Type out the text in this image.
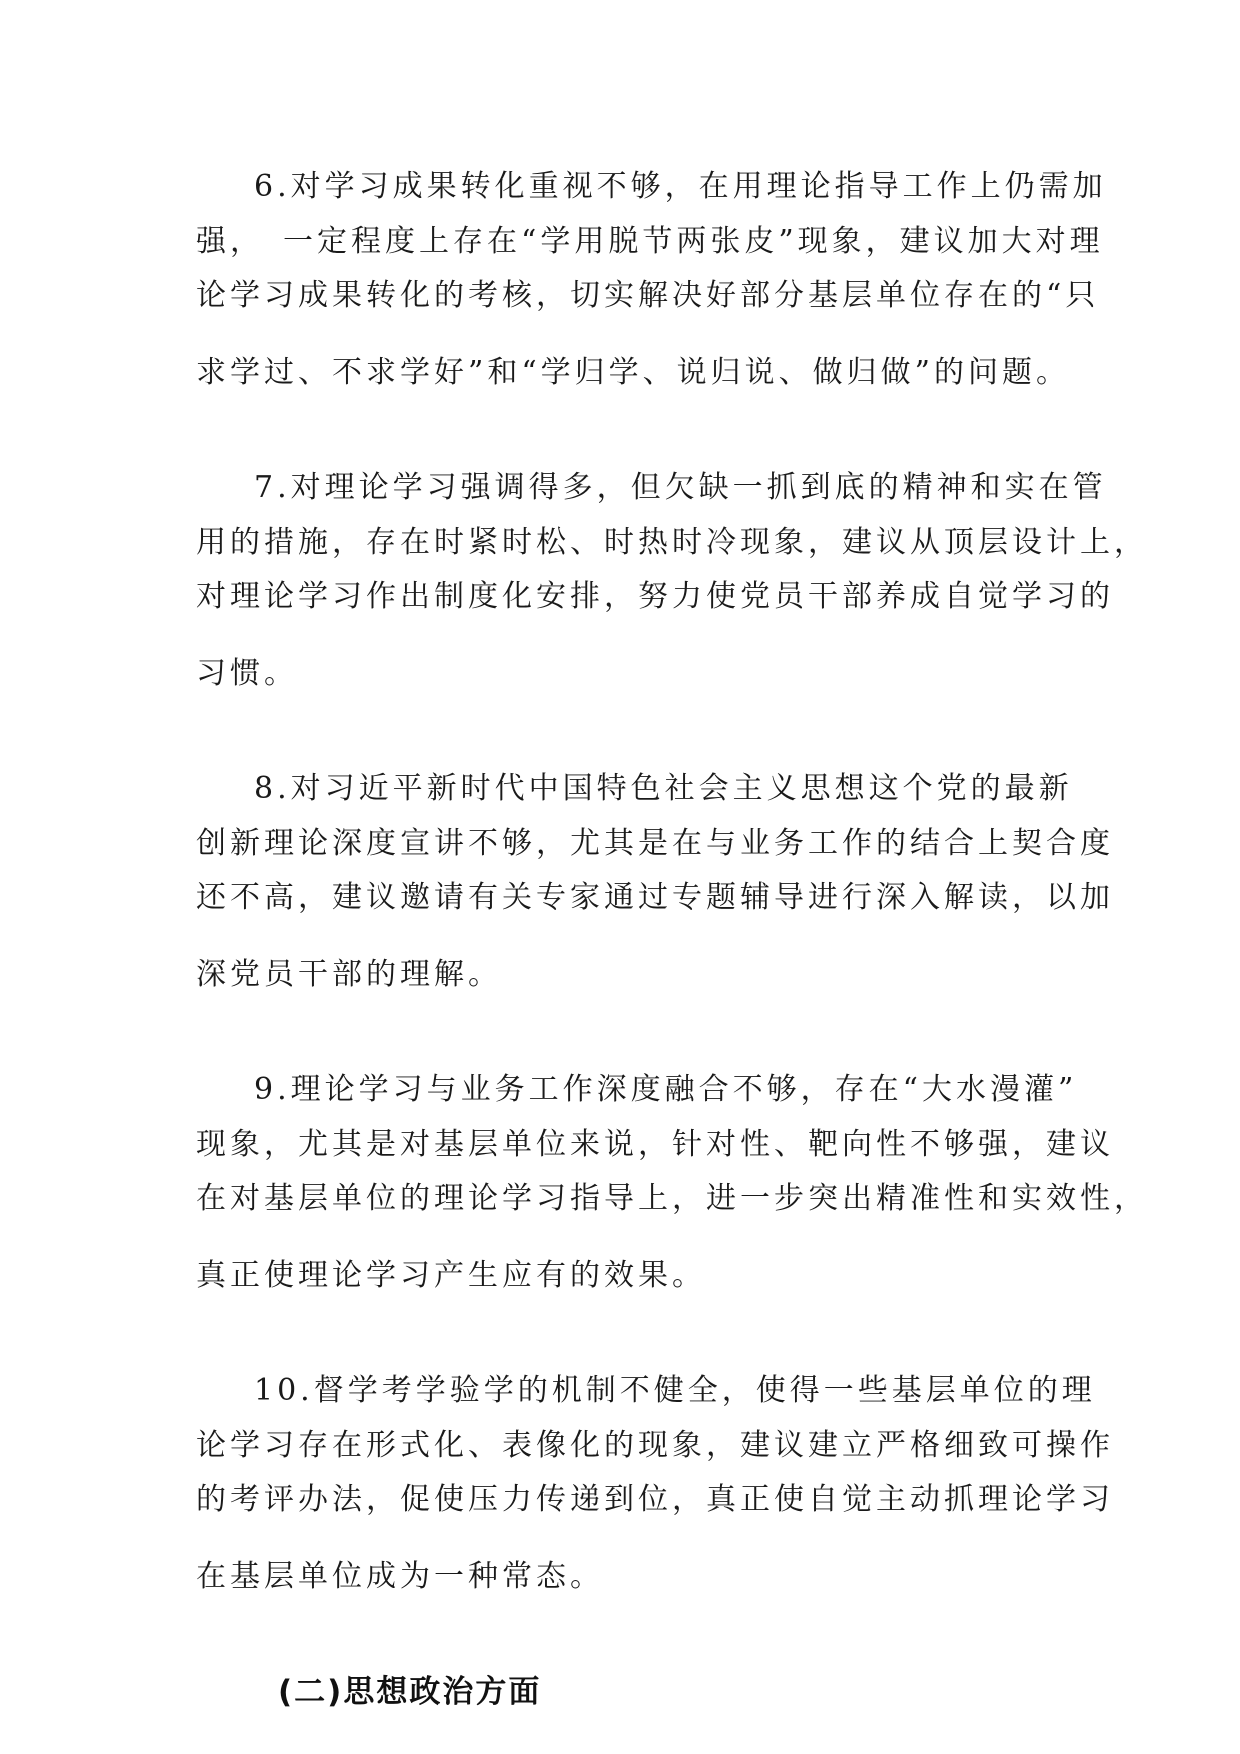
6.对学习成果转化重视不够，在用理论指导工作上仍需加

强，　一定程度上存在“学用脱节两张皮”现象，建议加大对理

论学习成果转化的考核，切实解决好部分基层单位存在的“只

求学过、不求学好”和“学归学、说归说、做归做”的问题。

7.对理论学习强调得多，但欠缺一抓到底的精神和实在管

用的措施，存在时紧时松、时热时冷现象，建议从顶层设计上，

对理论学习作出制度化安排，努力使党员干部养成自觉学习的

习惯。

8.对习近平新时代中国特色社会主义思想这个党的最新

创新理论深度宣讲不够，尤其是在与业务工作的结合上契合度

还不高，建议邀请有关专家通过专题辅导进行深入解读，以加

深党员干部的理解。

9.理论学习与业务工作深度融合不够，存在“大水漫灌”

现象，尤其是对基层单位来说，针对性、靶向性不够强，建议

在对基层单位的理论学习指导上，进一步突出精准性和实效性，

真正使理论学习产生应有的效果。

10.督学考学验学的机制不健全，使得一些基层单位的理

论学习存在形式化、表像化的现象，建议建立严格细致可操作

的考评办法，促使压力传递到位，真正使自觉主动抓理论学习

在基层单位成为一种常态。

(二)思想政治方面
